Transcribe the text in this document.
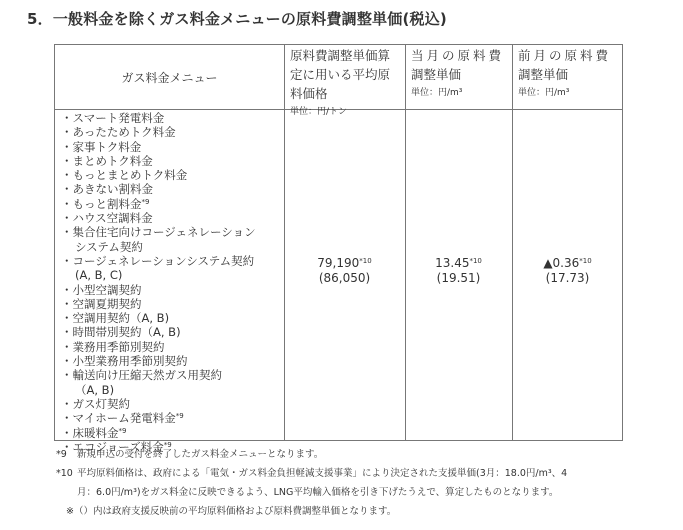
5．一般料金を除くガス料金メニューの原料費調整単価(税込)
ガス料金メニュー
原料費調整単価算
定に用いる平均原
料価格
単位：円/トン
当月の原料費
調整単価
単位：円/m³
前月の原料費
調整単価
単位：円/m³
・スマート発電料金
・あったためトク料金
・家事トク料金
・まとめトク料金
・もっとまとめトク料金
・あきない割料金
・もっと割料金$^{*9}$
・ハウス空調料金
・集合住宅向けコージェネレーション
システム契約
・コージェネレーションシステム契約
(A, B, C)
・小型空調契約
・空調夏期契約
・空調用契約（A, B)
・時間帯別契約（A, B)
・業務用季節別契約
・小型業務用季節別契約
・輸送向け圧縮天然ガス用契約
（A, B)
・ガス灯契約
・マイホーム発電料金$^{*9}$
・床暖料金$^{*9}$
・エコジョーズ料金$^{*9}$
79,190$^{*10}$
(86,050)
13.45$^{*10}$
(19.51)
▲0.36$^{*10}$
(17.73)
*9 新規申込の受付を終了したガス料金メニューとなります。
*10 平均原料価格は、政府による「電気・ガス料金負担軽減支援事業」により決定された支援単価(3月：18.0円/m³、4
月：6.0円/m³)をガス料金に反映できるよう、LNG平均輸入価格を引き下げたうえで、算定したものとなります。
※（）内は政府支援反映前の平均原料価格および原料費調整単価となります。
